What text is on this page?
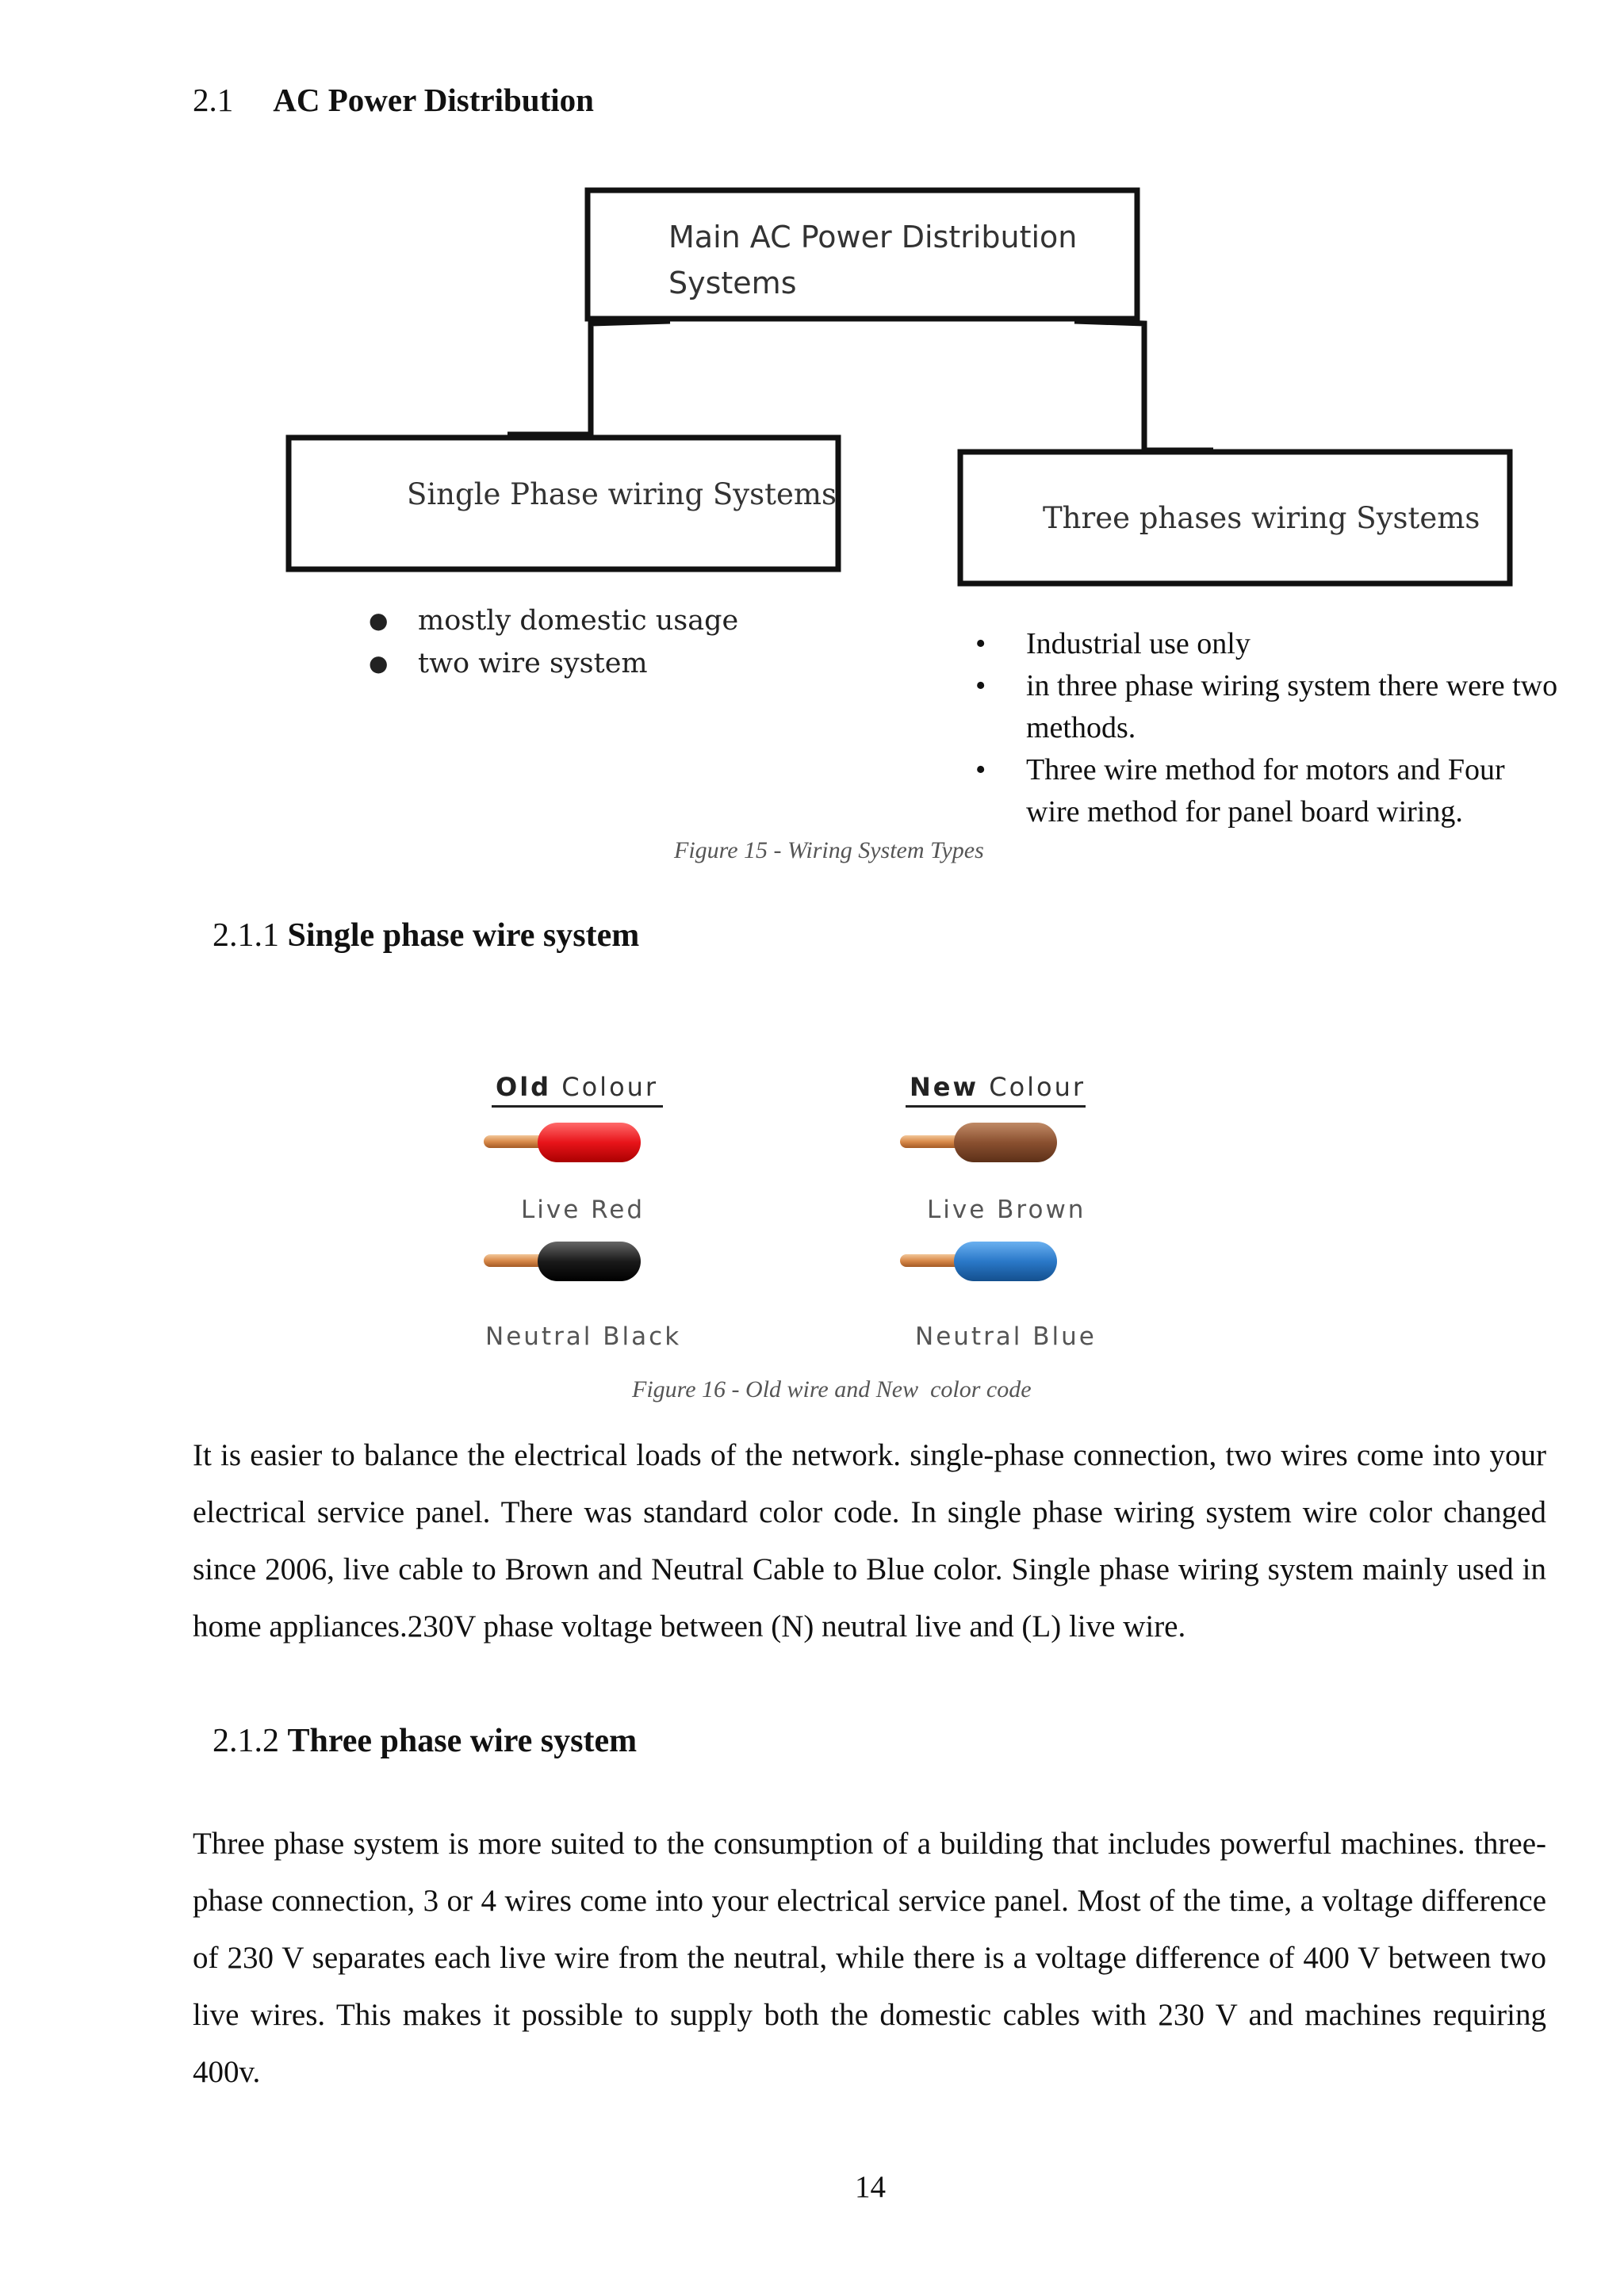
2.1 AC Power Distribution
Main AC Power Distribution
Systems
Single Phase wiring Systems
Three phases wiring Systems
● mostly domestic usage
● two wire system
• Industrial use only
• in three phase wiring system there were two methods.
• Three wire method for motors and Four wire method for panel board wiring.
Figure 15 - Wiring System Types
2.1.1 Single phase wire system
Old Colour	New Colour
Live Red
Neutral Black
Live Brown
Neutral Blue
Figure 16 - Old wire and New  color code

It is easier to balance the electrical loads of the network. single-phase connection, two wires come into your electrical service panel. There was standard color code. In single phase wiring system wire color changed since 2006, live cable to Brown and Neutral Cable to Blue color. Single phase wiring system mainly used in home appliances.230V phase voltage between (N) neutral live and (L) live wire.

2.1.2 Three phase wire system

Three phase system is more suited to the consumption of a building that includes powerful machines. three-phase connection, 3 or 4 wires come into your electrical service panel. Most of the time, a voltage difference of 230 V separates each live wire from the neutral, while there is a voltage difference of 400 V between two live wires. This makes it possible to supply both the domestic cables with 230 V and machines requiring 400v.

14
